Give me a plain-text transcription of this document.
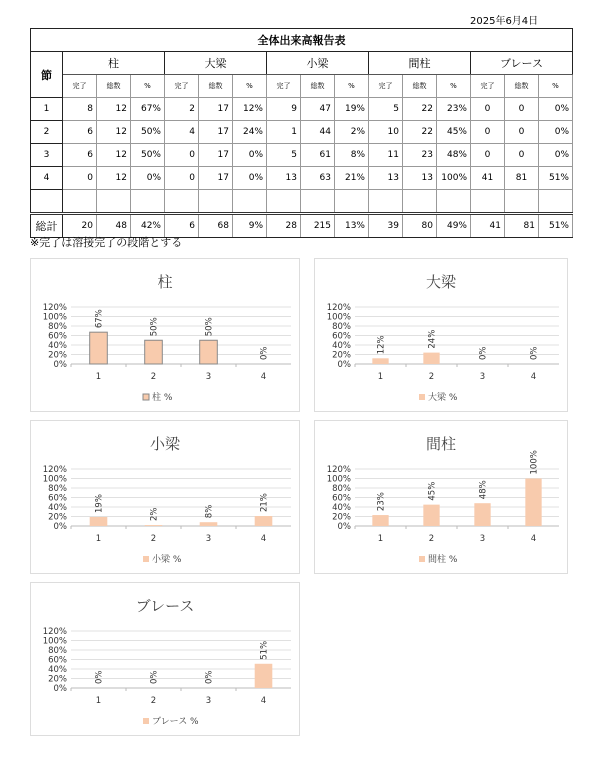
2025年6月4日
全体出来高報告表															
節	柱			大梁			小梁			間柱			ブレース		
	完了	総数	%	完了	総数	%	完了	総数	%	完了	総数	%	完了	総数	%
1	8	12	67%	2	17	12%	9	47	19%	5	22	23%	0	0	0%
2	6	12	50%	4	17	24%	1	44	2%	10	22	45%	0	0	0%
3	6	12	50%	0	17	0%	5	61	8%	11	23	48%	0	0	0%
4	0	12	0%	0	17	0%	13	63	21%	13	13	100%	41	81	51%

総計	20	48	42%	6	68	9%	28	215	13%	39	80	49%	41	81	51%
※完了は溶接完了の段階とする
柱
0%
20%
40%
60%
80%
100%
120%
67%
1
50%
2
50%
3
0%
4
柱 %
大梁
0%
20%
40%
60%
80%
100%
120%
12%
1
24%
2
0%
3
0%
4
大梁 %
小梁
0%
20%
40%
60%
80%
100%
120%
19%
1
2%
2
8%
3
21%
4
小梁 %
間柱
0%
20%
40%
60%
80%
100%
120%
23%
1
45%
2
48%
3
100%
4
間柱 %
ブレース
0%
20%
40%
60%
80%
100%
120%
0%
1
0%
2
0%
3
51%
4
ブレース %
